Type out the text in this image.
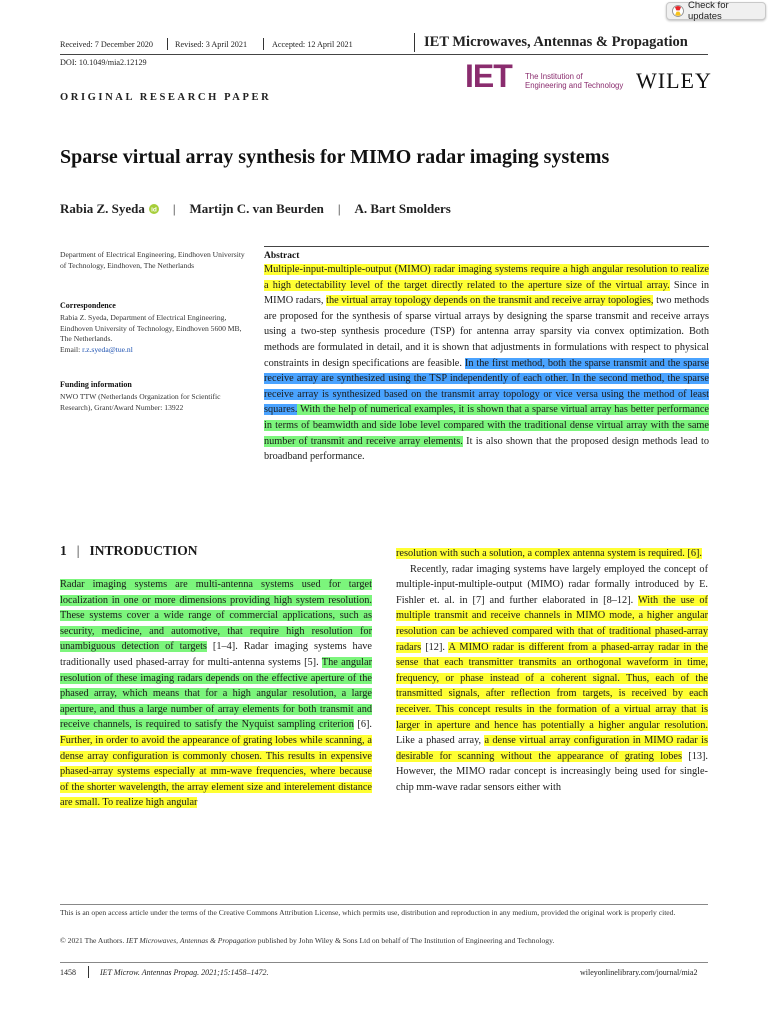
Check for updates
Received: 7 December 2020	Revised: 3 April 2021	Accepted: 12 April 2021	IET Microwaves, Antennas & Propagation
DOI: 10.1049/mia2.12129	IET The Institution of
Engineering and Technology WILEY
ORIGINAL RESEARCH PAPER
Sparse virtual array synthesis for MIMO radar imaging systems
Rabia Z. Syeda id | Martijn C. van Beurden | A. Bart Smolders
Department of Electrical Engineering, Eindhoven University of Technology, Eindhoven, The Netherlands
Correspondence
Rabia Z. Syeda, Department of Electrical Engineering, Eindhoven University of Technology, Eindhoven 5600 MB, The Netherlands.
Email: r.z.syeda@tue.nl
Funding information
NWO TTW (Netherlands Organization for Scientific Research), Grant/Award Number: 13922
Abstract
Multiple-input-multiple-output (MIMO) radar imaging systems require a high angular resolution to realize a high detectability level of the target directly related to the aperture size of the virtual array. Since in MIMO radars, the virtual array topology depends on the transmit and receive array topologies, two methods are proposed for the synthesis of sparse virtual arrays by designing the sparse transmit and receive arrays using a two-step synthesis procedure (TSP) for antenna array sparsity via convex optimization. Both methods are formulated in detail, and it is shown that adjustments in formulations with respect to physical constraints in design specifications are feasible. In the first method, both the sparse transmit and the sparse receive array are synthesized using the TSP independently of each other. In the second method, the sparse receive array is synthesized based on the transmit array topology or vice versa using the method of least squares. With the help of numerical examples, it is shown that a sparse virtual array has better performance in terms of beamwidth and side lobe level compared with the traditional dense virtual array with the same number of transmit and receive array elements. It is also shown that the proposed design methods lead to broadband performance.
1 | INTRODUCTION
Radar imaging systems are multi-antenna systems used for target localization in one or more dimensions providing high system resolution. These systems cover a wide range of commercial applications, such as security, medicine, and automotive, that require high resolution for unambiguous detection of targets [1–4]. Radar imaging systems have traditionally used phased-array for multi-antenna systems [5]. The angular resolution of these imaging radars depends on the effective aperture of the phased array, which means that for a high angular resolution, a large aperture, and thus a large number of array elements for both transmit and receive channels, is required to satisfy the Nyquist sampling criterion [6]. Further, in order to avoid the appearance of grating lobes while scanning, a dense array configuration is commonly chosen. This results in expensive phased-array systems especially at mm-wave frequencies, where because of the shorter wavelength, the array element size and interelement distance are small. To realize high angular
resolution with such a solution, a complex antenna system is required. [6].
Recently, radar imaging systems have largely employed the concept of multiple-input-multiple-output (MIMO) radar formally introduced by E. Fishler et. al. in [7] and further elaborated in [8–12]. With the use of multiple transmit and receive channels in MIMO mode, a higher angular resolution can be achieved compared with that of traditional phased-array radars [12]. A MIMO radar is different from a phased-array radar in the sense that each transmitter transmits an orthogonal waveform in time, frequency, or phase instead of a coherent signal. Thus, each of the transmitted signals, after reflection from targets, is received by each receiver. This concept results in the formation of a virtual array that is larger in aperture and hence has potentially a higher angular resolution. Like a phased array, a dense virtual array configuration in MIMO radar is desirable for scanning without the appearance of grating lobes [13]. However, the MIMO radar concept is increasingly being used for single-chip mm-wave radar sensors either with
This is an open access article under the terms of the Creative Commons Attribution License, which permits use, distribution and reproduction in any medium, provided the original work is properly cited.
© 2021 The Authors. IET Microwaves, Antennas & Propagation published by John Wiley & Sons Ltd on behalf of The Institution of Engineering and Technology.
1458	IET Microw. Antennas Propag. 2021;15:1458–1472.	wileyonlinelibrary.com/journal/mia2
